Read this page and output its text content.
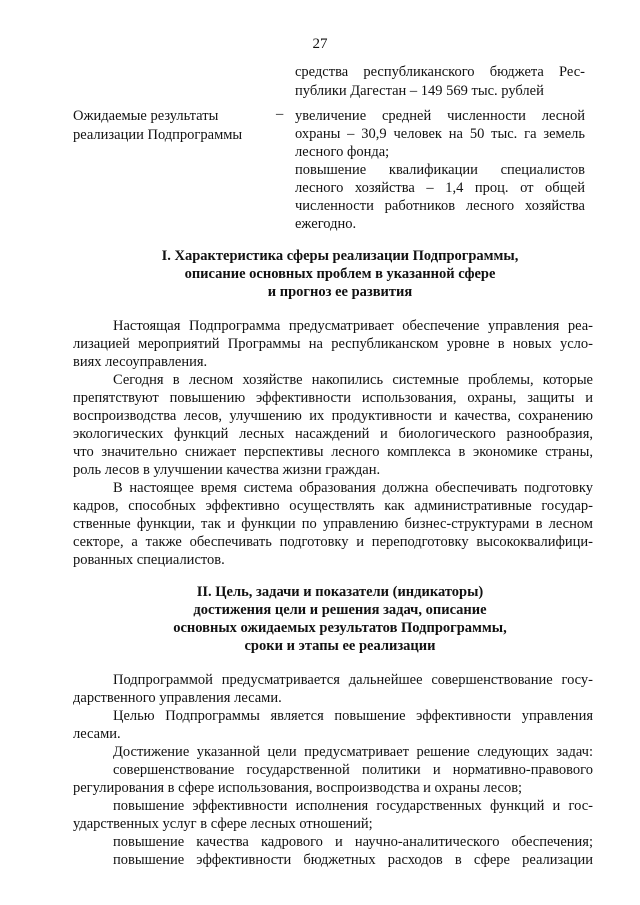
27
средства республиканского бюджета Рес-
публики Дагестан – 149 569 тыс. рублей
Ожидаемые результаты
реализации Подпрограммы
– увеличение средней численности лесной
охраны – 30,9 человек на 50 тыс. га земель
лесного фонда;
повышение квалификации специалистов
лесного хозяйства – 1,4 проц. от общей
численности работников лесного хозяйства
ежегодно.
I. Характеристика сферы реализации Подпрограммы,
описание основных проблем в указанной сфере
и прогноз ее развития
Настоящая Подпрограмма предусматривает обеспечение управления реа-
лизацией мероприятий Программы на республиканском уровне в новых усло-
виях лесоуправления.
Сегодня в лесном хозяйстве накопились системные проблемы, которые
препятствуют повышению эффективности использования, охраны, защиты и
воспроизводства лесов, улучшению их продуктивности и качества, сохранению
экологических функций лесных насаждений и биологического разнообразия,
что значительно снижает перспективы лесного комплекса в экономике страны,
роль лесов в улучшении качества жизни граждан.
В настоящее время система образования должна обеспечивать подготовку
кадров, способных эффективно осуществлять как административные государ-
ственные функции, так и функции по управлению бизнес-структурами в лесном
секторе, а также обеспечивать подготовку и переподготовку высококвалифици-
рованных специалистов.
II. Цель, задачи и показатели (индикаторы)
достижения цели и решения задач, описание
основных ожидаемых результатов Подпрограммы,
сроки и этапы ее реализации
Подпрограммой предусматривается дальнейшее совершенствование госу-
дарственного управления лесами.
Целью Подпрограммы является повышение эффективности управления
лесами.
Достижение указанной цели предусматривает решение следующих задач:
совершенствование государственной политики и нормативно-правового
регулирования в сфере использования, воспроизводства и охраны лесов;
повышение эффективности исполнения государственных функций и гос-
ударственных услуг в сфере лесных отношений;
повышение качества кадрового и научно-аналитического обеспечения;
повышение эффективности бюджетных расходов в сфере реализации
